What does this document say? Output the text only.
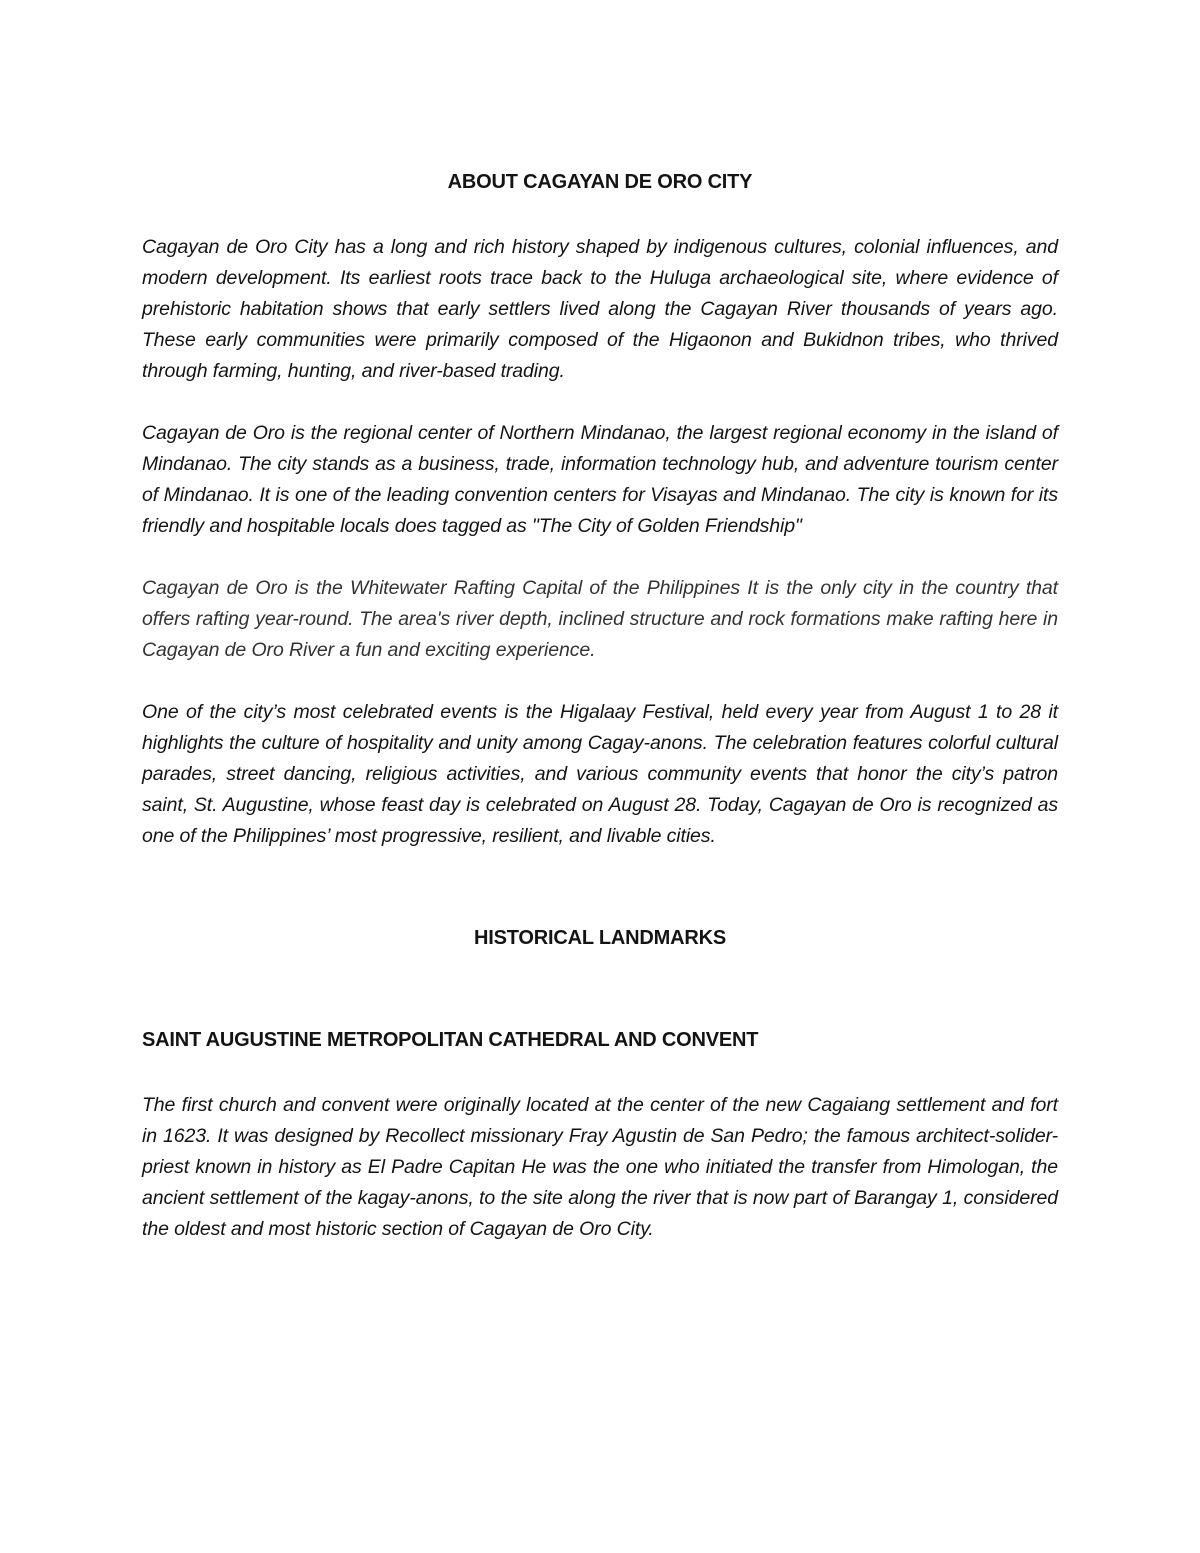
ABOUT CAGAYAN DE ORO CITY

Cagayan de Oro City has a long and rich history shaped by indigenous cultures, colonial influences, and modern development. Its earliest roots trace back to the Huluga archaeological site, where evidence of prehistoric habitation shows that early settlers lived along the Cagayan River thousands of years ago. These early communities were primarily composed of the Higaonon and Bukidnon tribes, who thrived through farming, hunting, and river-based trading.

Cagayan de Oro is the regional center of Northern Mindanao, the largest regional economy in the island of Mindanao. The city stands as a business, trade, information technology hub, and adventure tourism center of Mindanao. It is one of the leading convention centers for Visayas and Mindanao. The city is known for its friendly and hospitable locals does tagged as "The City of Golden Friendship"

Cagayan de Oro is the Whitewater Rafting Capital of the Philippines It is the only city in the country that offers rafting year-round. The area's river depth, inclined structure and rock formations make rafting here in Cagayan de Oro River a fun and exciting experience.

One of the city’s most celebrated events is the Higalaay Festival, held every year from August 1 to 28 it highlights the culture of hospitality and unity among Cagay-anons. The celebration features colorful cultural parades, street dancing, religious activities, and various community events that honor the city’s patron saint, St. Augustine, whose feast day is celebrated on August 28. Today, Cagayan de Oro is recognized as one of the Philippines’ most progressive, resilient, and livable cities.

HISTORICAL LANDMARKS
SAINT AUGUSTINE METROPOLITAN CATHEDRAL AND CONVENT

The first church and convent were originally located at the center of the new Cagaiang settlement and fort in 1623. It was designed by Recollect missionary Fray Agustin de San Pedro; the famous architect-solider-priest known in history as El Padre Capitan He was the one who initiated the transfer from Himologan, the ancient settlement of the kagay-anons, to the site along the river that is now part of Barangay 1, considered the oldest and most historic section of Cagayan de Oro City.
